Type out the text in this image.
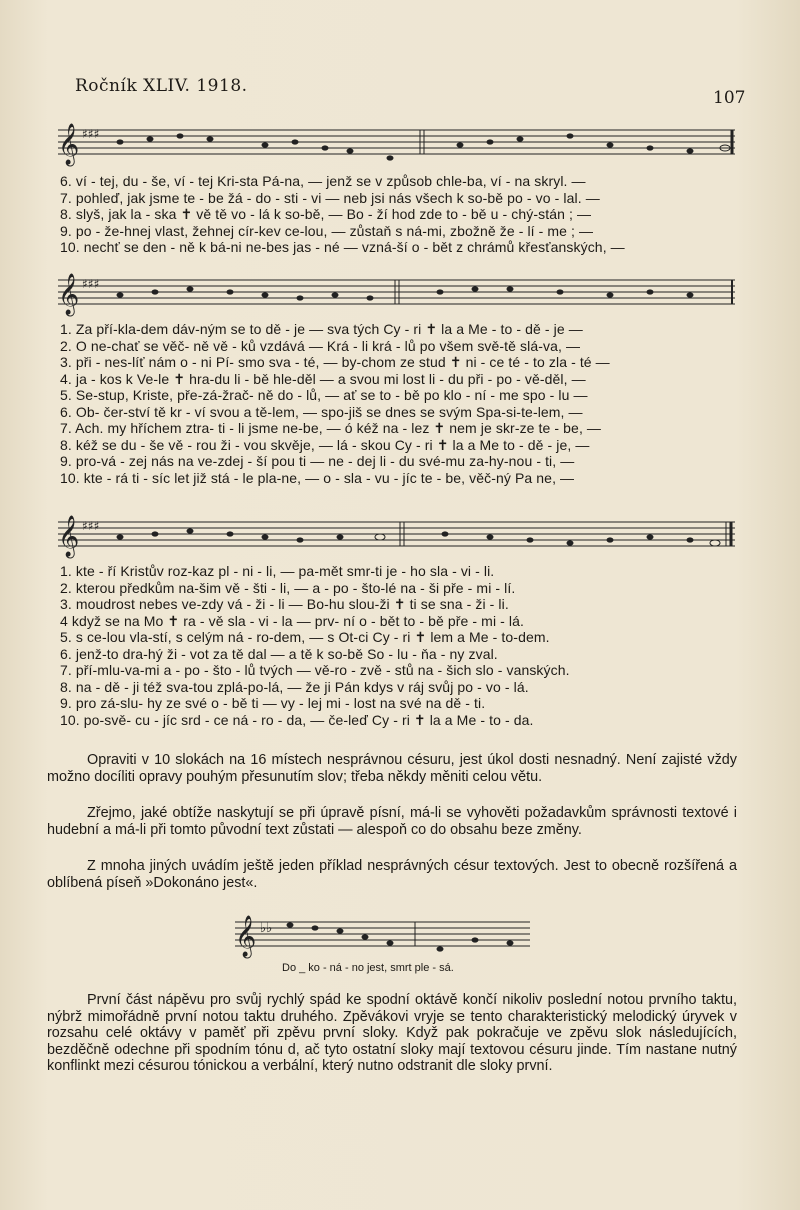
Ročník XLIV. 1918.
107
𝄞 ♯♯♯
6. ví - tej, du - še, ví - tej Kri-sta Pá-na, — jenž se v způsob chle-ba, ví - na skryl. —
7. pohleď, jak jsme te - be žá - do - sti - vi — neb jsi nás všech k so-bě po - vo - lal. —
8. slyš, jak la - ska ✝ vě tě vo - lá k so-bě, — Bo - ží hod zde to - bě u - chý-stán ; —
9. po - že-hnej vlast, žehnej cír-kev ce-lou, — zůstaň s ná-mi, zbožně že - lí - me ; —
10. nechť se den - ně k bá-ni ne-bes jas - né — vzná-ší o - bět z chrámů křesťanských, —
𝄞 ♯♯♯
1. Za pří-kla-dem dáv-ným se to dě - je — sva tých Cy - ri ✝ la a Me - to - dě - je —
2. O ne-chať se věč- ně vě - ků vzdává — Krá - li krá - lů po všem svě-tě slá-va, —
3. při - nes-líť nám o - ni Pí- smo sva - té, — by-chom ze stud ✝ ni - ce té - to zla - té —
4. ja - kos k Ve-le ✝ hra-du li - bě hle-děl — a svou mi lost li - du při - po - vě-děl, —
5. Se-stup, Kriste, pře-zá-žrač- ně do - lů, — ať se to - bě po klo - ní - me spo - lu —
6. Ob- čer-ství tě kr - ví svou a tě-lem, — spo-jiš se dnes se svým Spa-si-te-lem, —
7. Ach. my hříchem ztra- ti - li jsme ne-be, — ó kéž na - lez ✝ nem je skr-ze te - be, —
8. kéž se du - še vě - rou ži - vou skvěje, — lá - skou Cy - ri ✝ la a Me to - dě - je, —
9. pro-vá - zej nás na ve-zdej - ší pou ti — ne - dej li - du své-mu za-hy-nou - ti, —
10. kte - rá ti - síc let již stá - le pla-ne, — o - sla - vu - jíc te - be, věč-ný Pa ne, —
𝄞 ♯♯♯
1. kte - ří Kristův roz-kaz pl - ni - li, — pa-mět smr-ti je - ho sla - vi - li.
2. kterou předkům na-šim vě - šti - li, — a - po - što-lé na - ši pře - mi - lí.
3. moudrost nebes ve-zdy vá - ži - li — Bo-hu slou-ži ✝ ti se sna - ži - li.
4 když se na Mo ✝ ra - vě sla - vi - la — prv- ní o - bět to - bě pře - mi - lá.
5. s ce-lou vla-stí, s celým ná - ro-dem, — s Ot-ci Cy - ri ✝ lem a Me - to-dem.
6. jenž-to dra-hý ži - vot za tě dal — a tě k so-bě So - lu - ňa - ny zval.
7. pří-mlu-va-mi a - po - što - lů tvých — vě-ro - zvě - stů na - šich slo - vanských.
8. na - dě - ji též sva-tou zplá-po-lá, — že ji Pán kdys v ráj svůj po - vo - lá.
9. pro zá-slu- hy ze své o - bě ti — vy - lej mi - lost na své na dě - ti.
10. po-svě- cu - jíc srd - ce ná - ro - da, — če-leď Cy - ri ✝ la a Me - to - da.

Opraviti v 10 slokách na 16 místech nesprávnou césuru, jest úkol dosti nesnadný. Není zajisté vždy možno docíliti opravy pouhým přesunutím slov; třeba někdy měniti celou větu.

Zřejmo, jaké obtíže naskytují se při úpravě písní, má-li se vyhověti požadavkům správnosti textové i hudební a má-li při tomto původní text zůstati — alespoň co do obsahu beze změny.

Z mnoha jiných uvádím ještě jeden příklad nesprávných césur textových. Jest to obecně rozšířená a oblíbená píseň »Dokonáno jest«.

𝄞 ♭♭
Do _ ko - ná - no jest, smrt ple - sá.

První část nápěvu pro svůj rychlý spád ke spodní oktávě končí nikoliv poslední notou prvního taktu, nýbrž mimořádně první notou taktu druhého. Zpěvákovi vryje se tento charakteristický melodický úryvek v rozsahu celé oktávy v paměť při zpěvu první sloky. Když pak pokračuje ve zpěvu slok následujících, bezděčně odechne při spodním tónu d, ač tyto ostatní sloky mají textovou césuru jinde. Tím nastane nutný konflinkt mezi césurou tónickou a verbální, který nutno odstranit dle sloky první.
